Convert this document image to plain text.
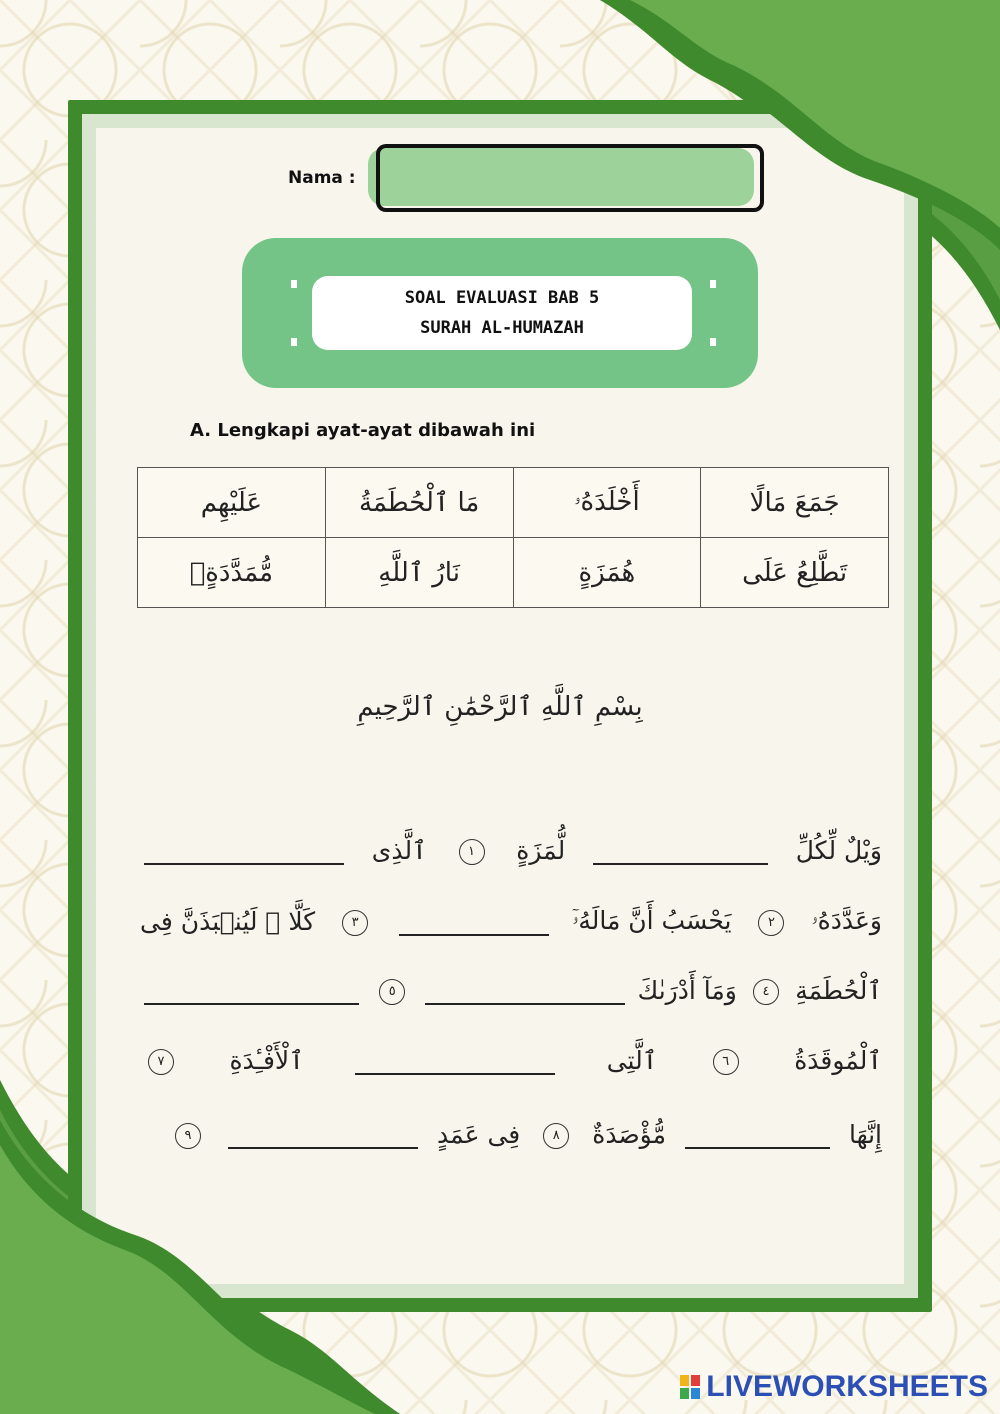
Nama :
SOAL EVALUASI BAB 5
SURAH AL-HUMAZAH
A. Lengkapi ayat-ayat dibawah ini
جَمَعَ مَالًا	أَخْلَدَهُۥ	مَا ٱلْحُطَمَةُ	عَلَيْهِم
تَطَّلِعُ عَلَى	هُمَزَةٍ	نَارُ ٱللَّهِ	مُّمَدَّدَةٍۭ
بِسْمِ ٱللَّهِ ٱلرَّحْمَٰنِ ٱلرَّحِيمِ
وَيْلٌ لِّكُلِّ
لُّمَزَةٍ
١
ٱلَّذِى
وَعَدَّدَهُۥ
٢
يَحْسَبُ أَنَّ مَالَهُۥٓ
٣
كَلَّا ۖ لَيُنۢبَذَنَّ فِى
ٱلْحُطَمَةِ
٤
وَمَآ أَدْرَىٰكَ
٥
ٱلْمُوقَدَةُ
٦
ٱلَّتِى
ٱلْأَفْـِٔدَةِ
٧
إِنَّهَا
مُّؤْصَدَةٌ
٨
فِى عَمَدٍ
٩
LIVEWORKSHEETS
